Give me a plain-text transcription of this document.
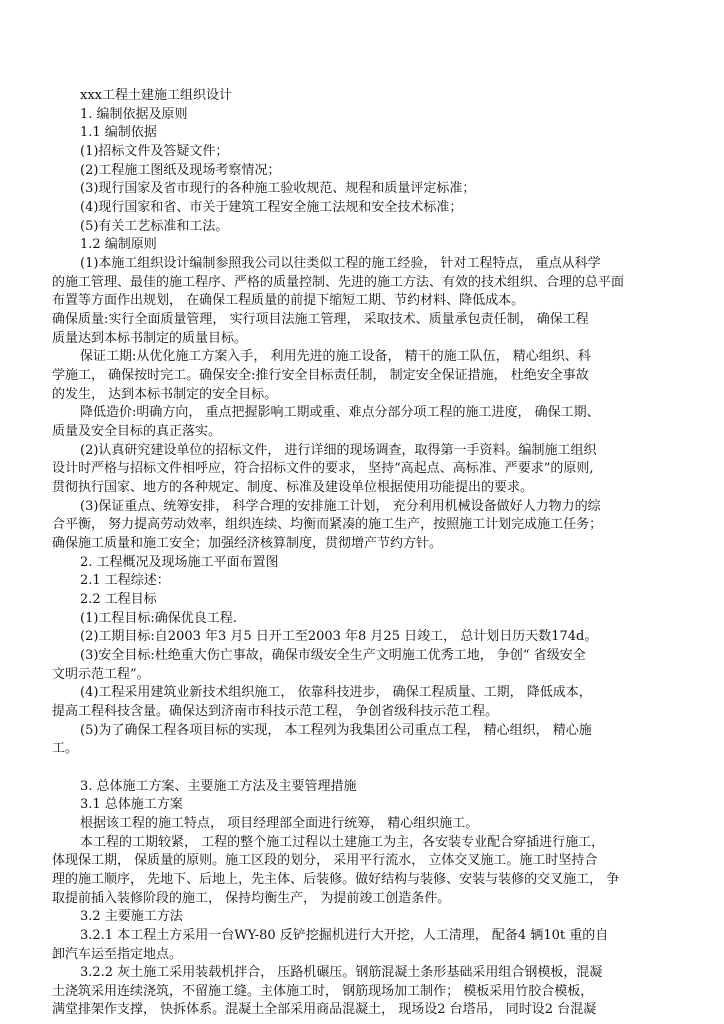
xxx工程土建施工组织设计
1. 编制依据及原则
1.1 编制依据
(1)招标文件及答疑文件；
(2)工程施工图纸及现场考察情况；
(3)现行国家及省市现行的各种施工验收规范、规程和质量评定标准；
(4)现行国家和省、市关于建筑工程安全施工法规和安全技术标准；
(5)有关工艺标准和工法。
1.2 编制原则
(1)本施工组织设计编制参照我公司以往类似工程的施工经验， 针对工程特点， 重点从科学
的施工管理、最佳的施工程序、严格的质量控制、先进的施工方法、有效的技术组织、合理的总平面
布置等方面作出规划， 在确保工程质量的前提下缩短工期、节约材料、降低成本。
确保质量:实行全面质量管理， 实行项目法施工管理， 采取技术、质量承包责任制， 确保工程
质量达到本标书制定的质量目标。
保证工期:从优化施工方案入手， 利用先进的施工设备， 精干的施工队伍， 精心组织、科
学施工， 确保按时完工。确保安全:推行安全目标责任制， 制定安全保证措施， 杜绝安全事故
的发生， 达到本标书制定的安全目标。
降低造价:明确方向， 重点把握影响工期或重、难点分部分项工程的施工进度， 确保工期、
质量及安全目标的真正落实。
(2)认真研究建设单位的招标文件， 进行详细的现场调查，取得第一手资料。编制施工组织
设计时严格与招标文件相呼应，符合招标文件的要求， 坚持“高起点、高标准、严要求”的原则,
贯彻执行国家、地方的各种规定、制度、标准及建设单位根据使用功能提出的要求。
(3)保证重点、统筹安排， 科学合理的安排施工计划， 充分利用机械设备做好人力物力的综
合平衡， 努力提高劳动效率，组织连续、均衡而紧凑的施工生产，按照施工计划完成施工任务；
确保施工质量和施工安全；加强经济核算制度，贯彻增产节约方针。
2. 工程概况及现场施工平面布置图
2.1 工程综述：
2.2 工程目标
(1)工程目标:确保优良工程.
(2)工期目标:自2003 年3 月5 日开工至2003 年8 月25 日竣工， 总计划日历天数174d。
(3)安全目标:杜绝重大伤亡事故，确保市级安全生产文明施工优秀工地， 争创“ 省级安全
文明示范工程”。
(4)工程采用建筑业新技术组织施工， 依靠科技进步， 确保工程质量、工期， 降低成本，
提高工程科技含量。确保达到济南市科技示范工程， 争创省级科技示范工程。
(5)为了确保工程各项目标的实现， 本工程列为我集团公司重点工程， 精心组织， 精心施
工。
3. 总体施工方案、主要施工方法及主要管理措施
3.1 总体施工方案
根据该工程的施工特点， 项目经理部全面进行统筹， 精心组织施工。
本工程的工期较紧， 工程的整个施工过程以土建施工为主，各安装专业配合穿插进行施工，
体现保工期， 保质量的原则。施工区段的划分， 采用平行流水， 立体交叉施工。施工时坚持合
理的施工顺序， 先地下、后地上，先主体、后装修。做好结构与装修、安装与装修的交叉施工， 争
取提前插入装修阶段的施工， 保持均衡生产， 为提前竣工创造条件。
3.2 主要施工方法
3.2.1 本工程土方采用一台WY-80 反铲挖掘机进行大开挖，人工清理， 配备4 辆10t 重的自
卸汽车运至指定地点。
3.2.2 灰土施工采用装载机拌合， 压路机碾压。钢筋混凝土条形基础采用组合钢模板，混凝
土浇筑采用连续浇筑，不留施工缝。主体施工时， 钢筋现场加工制作； 模板采用竹胶合模板，
满堂排架作支撑， 快拆体系。混凝土全部采用商品混凝土， 现场设2 台塔吊， 同时设2 台混凝
